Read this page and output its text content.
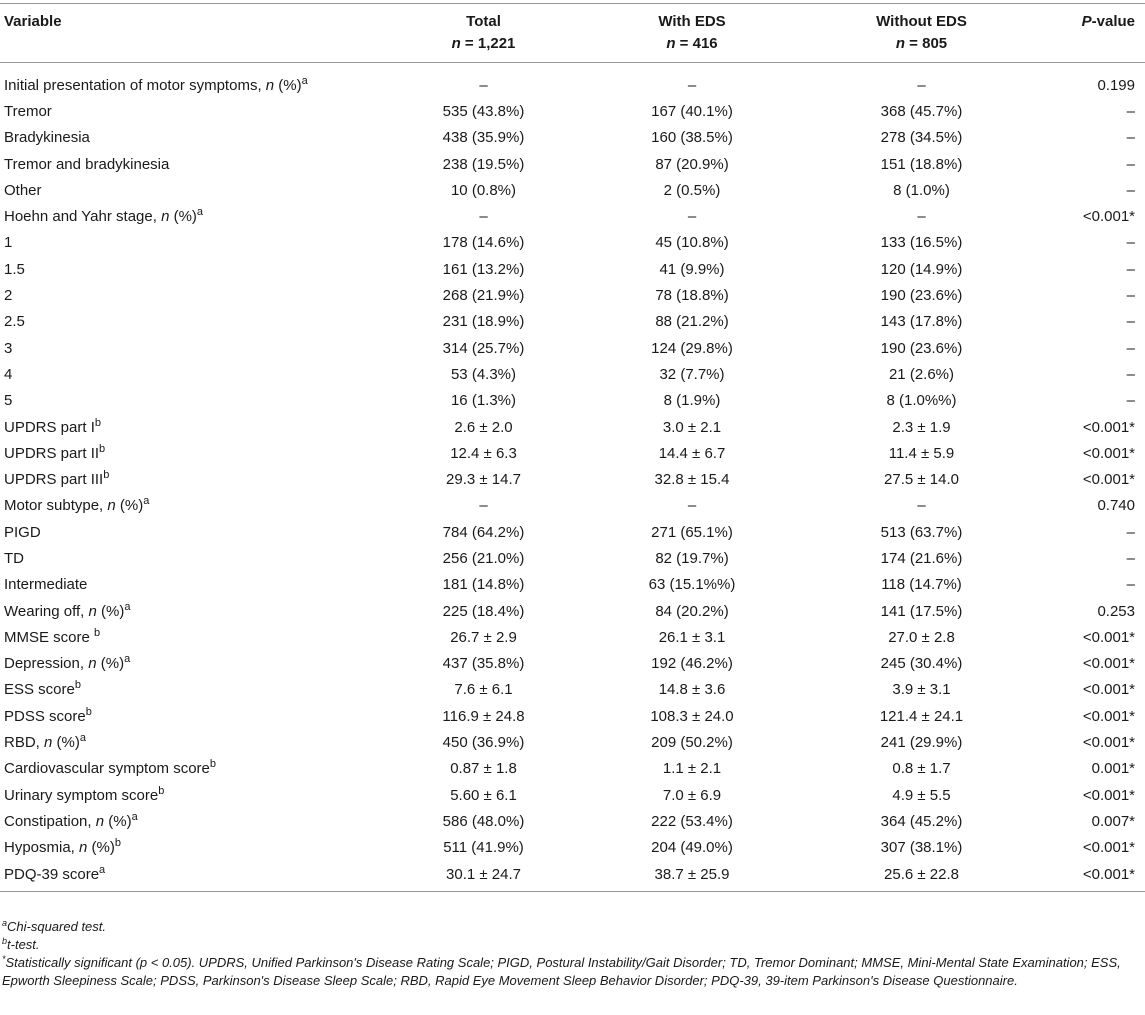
Variable	Total	With EDS	Without EDS	P-value
	n = 1,221	n = 416	n = 805	
Initial presentation of motor symptoms, n (%)$^a$	–	–	–	0.199
Tremor	535 (43.8%)	167 (40.1%)	368 (45.7%)	–
Bradykinesia	438 (35.9%)	160 (38.5%)	278 (34.5%)	–
Tremor and bradykinesia	238 (19.5%)	87 (20.9%)	151 (18.8%)	–
Other	10 (0.8%)	2 (0.5%)	8 (1.0%)	–
Hoehn and Yahr stage, n (%)$^a$	–	–	–	<0.001*
1	178 (14.6%)	45 (10.8%)	133 (16.5%)	–
1.5	161 (13.2%)	41 (9.9%)	120 (14.9%)	–
2	268 (21.9%)	78 (18.8%)	190 (23.6%)	–
2.5	231 (18.9%)	88 (21.2%)	143 (17.8%)	–
3	314 (25.7%)	124 (29.8%)	190 (23.6%)	–
4	53 (4.3%)	32 (7.7%)	21 (2.6%)	–
5	16 (1.3%)	8 (1.9%)	8 (1.0%%)	–
UPDRS part $I^b$	2.6 ± 2.0	3.0 ± 2.1	2.3 ± 1.9	<0.001*
UPDRS part $II^b$	12.4 ± 6.3	14.4 ± 6.7	11.4 ± 5.9	<0.001*
UPDRS part III$^b$	29.3 ± 14.7	32.8 ± 15.4	27.5 ± 14.0	<0.001*
Motor subtype, n (%)$^a$	–	–	–	0.740
PIGD	784 (64.2%)	271 (65.1%)	513 (63.7%)	–
TD	256 (21.0%)	82 (19.7%)	174 (21.6%)	–
Intermediate	181 (14.8%)	63 (15.1%%)	118 (14.7%)	–
Wearing off, n (%)$^a$	225 (18.4%)	84 (20.2%)	141 (17.5%)	0.253
MMSE score $^b$	26.7 ± 2.9	26.1 ± 3.1	27.0 ± 2.8	<0.001*
Depression, n (%)$^a$	437 (35.8%)	192 (46.2%)	245 (30.4%)	<0.001*
ESS score$^b$	7.6 ± 6.1	14.8 ± 3.6	3.9 ± 3.1	<0.001*
PDSS score$^b$	116.9 ± 24.8	108.3 ± 24.0	121.4 ± 24.1	<0.001*
RBD, n (%)$^a$	450 (36.9%)	209 (50.2%)	241 (29.9%)	<0.001*
Cardiovascular symptom score$^b$	0.87 ± 1.8	1.1 ± 2.1	0.8 ± 1.7	0.001*
Urinary symptom score$^b$	5.60 ± 6.1	7.0 ± 6.9	4.9 ± 5.5	<0.001*
Constipation, n (%)$^a$	586 (48.0%)	222 (53.4%)	364 (45.2%)	0.007*
Hyposmia, n (%)$^b$	511 (41.9%)	204 (49.0%)	307 (38.1%)	<0.001*
PDQ-39 score$^a$	30.1 ± 24.7	38.7 ± 25.9	25.6 ± 22.8	<0.001*
$^a$Chi-squared test.
$^b$t-test.
*Statistically significant (p < 0.05). UPDRS, Unified Parkinson's Disease Rating Scale; PIGD, Postural Instability/Gait Disorder; TD, Tremor Dominant; MMSE, Mini-Mental State Examination; ESS, Epworth Sleepiness Scale; PDSS, Parkinson's Disease Sleep Scale; RBD, Rapid Eye Movement Sleep Behavior Disorder; PDQ-39, 39-item Parkinson's Disease Questionnaire.
